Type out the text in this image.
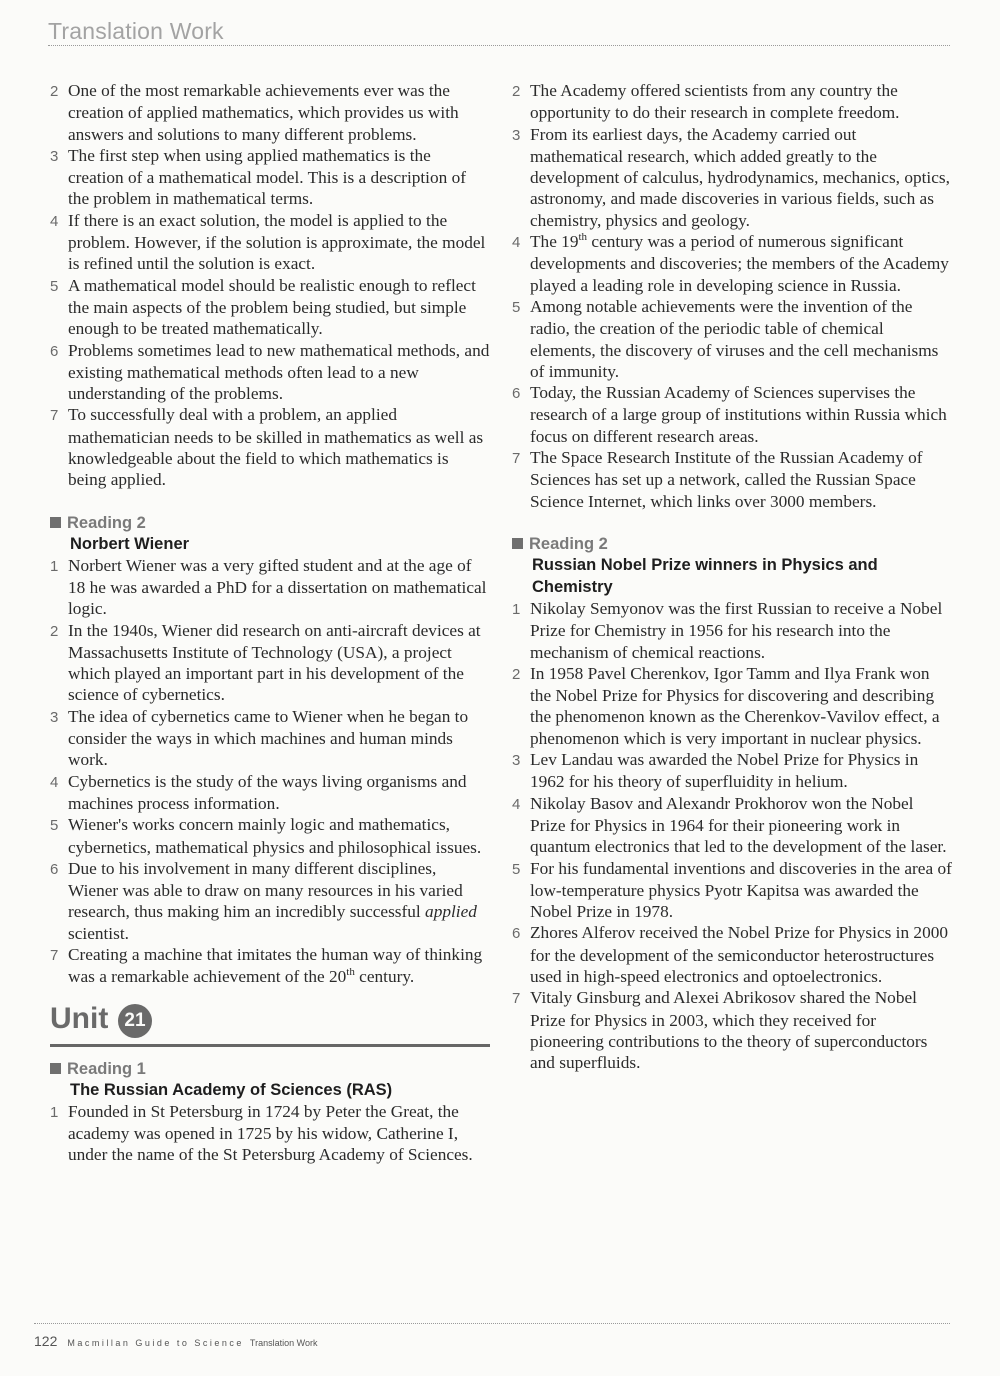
Translation Work
2 One of the most remarkable achievements ever was the creation of applied mathematics, which provides us with answers and solutions to many different problems.
3 The first step when using applied mathematics is the creation of a mathematical model. This is a description of the problem in mathematical terms.
4 If there is an exact solution, the model is applied to the problem. However, if the solution is approximate, the model is refined until the solution is exact.
5 A mathematical model should be realistic enough to reflect the main aspects of the problem being studied, but simple enough to be treated mathematically.
6 Problems sometimes lead to new mathematical methods, and existing mathematical methods often lead to a new understanding of the problems.
7 To successfully deal with a problem, an applied mathematician needs to be skilled in mathematics as well as knowledgeable about the field to which mathematics is being applied.
Reading 2
Norbert Wiener
1 Norbert Wiener was a very gifted student and at the age of 18 he was awarded a PhD for a dissertation on mathematical logic.
2 In the 1940s, Wiener did research on anti-aircraft devices at Massachusetts Institute of Technology (USA), a project which played an important part in his development of the science of cybernetics.
3 The idea of cybernetics came to Wiener when he began to consider the ways in which machines and human minds work.
4 Cybernetics is the study of the ways living organisms and machines process information.
5 Wiener's works concern mainly logic and mathematics, cybernetics, mathematical physics and philosophical issues.
6 Due to his involvement in many different disciplines, Wiener was able to draw on many resources in his varied research, thus making him an incredibly successful applied scientist.
7 Creating a machine that imitates the human way of thinking was a remarkable achievement of the 20th century.
Unit 21
Reading 1
The Russian Academy of Sciences (RAS)
1 Founded in St Petersburg in 1724 by Peter the Great, the academy was opened in 1725 by his widow, Catherine I, under the name of the St Petersburg Academy of Sciences.
2 The Academy offered scientists from any country the opportunity to do their research in complete freedom.
3 From its earliest days, the Academy carried out mathematical research, which added greatly to the development of calculus, hydrodynamics, mechanics, optics, astronomy, and made discoveries in various fields, such as chemistry, physics and geology.
4 The 19th century was a period of numerous significant developments and discoveries; the members of the Academy played a leading role in developing science in Russia.
5 Among notable achievements were the invention of the radio, the creation of the periodic table of chemical elements, the discovery of viruses and the cell mechanisms of immunity.
6 Today, the Russian Academy of Sciences supervises the research of a large group of institutions within Russia which focus on different research areas.
7 The Space Research Institute of the Russian Academy of Sciences has set up a network, called the Russian Space Science Internet, which links over 3000 members.
Reading 2
Russian Nobel Prize winners in Physics and Chemistry
1 Nikolay Semyonov was the first Russian to receive a Nobel Prize for Chemistry in 1956 for his research into the mechanism of chemical reactions.
2 In 1958 Pavel Cherenkov, Igor Tamm and Ilya Frank won the Nobel Prize for Physics for discovering and describing the phenomenon known as the Cherenkov-Vavilov effect, a phenomenon which is very important in nuclear physics.
3 Lev Landau was awarded the Nobel Prize for Physics in 1962 for his theory of superfluidity in helium.
4 Nikolay Basov and Alexandr Prokhorov won the Nobel Prize for Physics in 1964 for their pioneering work in quantum electronics that led to the development of the laser.
5 For his fundamental inventions and discoveries in the area of low-temperature physics Pyotr Kapitsa was awarded the Nobel Prize in 1978.
6 Zhores Alferov received the Nobel Prize for Physics in 2000 for the development of the semiconductor heterostructures used in high-speed electronics and optoelectronics.
7 Vitaly Ginsburg and Alexei Abrikosov shared the Nobel Prize for Physics in 2003, which they received for pioneering contributions to the theory of superconductors and superfluids.
122 Macmillan Guide to Science Translation Work
